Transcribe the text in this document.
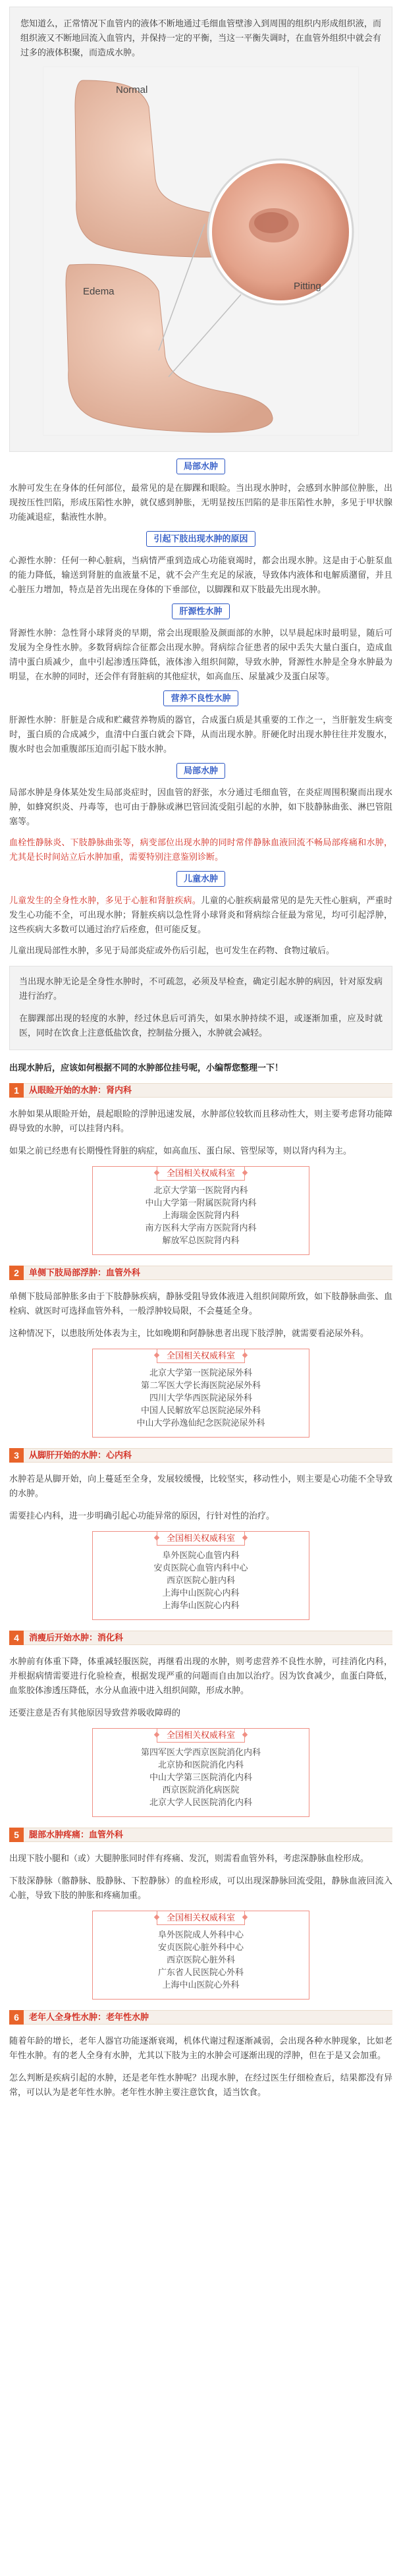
您知道么，正常情况下血管内的液体不断地通过毛细血管壁渗入到周围的组织内形成组织液，而组织液又不断地回流入血管内，并保持一定的平衡，当这一平衡失调时，在血管外组织中就会有过多的液体积聚，而造成水肿。

Normal
Edema	Pitting
局部水肿

水肿可发生在身体的任何部位，最常见的是在脚踝和眼睑。当出现水肿时，会感到水肿部位肿胀，出现按压性凹陷，形成压陷性水肿，就仅感到肿胀，无明显按压凹陷的是非压陷性水肿，多见于甲状腺功能减退症，黏液性水肿。

引起下肢出现水肿的原因

心源性水肿：任何一种心脏病，当病情严重到造成心功能衰竭时，都会出现水肿。这是由于心脏泵血的能力降低，输送到肾脏的血液量不足，就不会产生充足的尿液，导致体内液体和电解质潴留，并且心脏压力增加，特点是首先出现在身体的下垂部位，以脚踝和双下肢最先出现水肿。

肝源性水肿

肾源性水肿：急性肾小球肾炎的早期，常会出现眼脸及颜面部的水肿，以早晨起床时最明显，随后可发展为全身性水肿。多数肾病综合征都会出现水肿。肾病综合征患者的尿中丢失大量白蛋白，造成血清中蛋白质减少，血中引起渗透压降低，液体渗入组织间隙，导致水肿，肾源性水肿是全身水肿最为明显，在水肿的同时，还会伴有肾脏病的其他症状，如高血压、尿量减少及蛋白尿等。

营养不良性水肿

肝源性水肿：肝脏是合成和贮藏营养物质的器官，合成蛋白质是其重要的工作之一，当肝脏发生病变时，蛋白质的合成减少，血清中白蛋白就会下降，从而出现水肿。肝硬化时出现水肿往往并发腹水，腹水时也会加重腹部压迫而引起下肢水肿。

局部水肿

局部水肿是身体某处发生局部炎症时，因血管的舒张，水分通过毛细血管，在炎症周围积聚而出现水肿，如蜂窝织炎、丹毒等，也可由于静脉或淋巴管回流受阻引起的水肿，如下肢静脉曲张、淋巴管阻塞等。

血栓性静脉炎、下肢静脉曲张等，病变部位出现水肿的同时常伴静脉血液回流不畅局部疼痛和水肿，尤其是长时间站立后水肿加重，需要特别注意鉴别诊断。

儿童水肿

儿童发生的全身性水肿，多见于心脏和肾脏疾病。儿童的心脏疾病最常见的是先天性心脏病，严重时发生心功能不全，可出现水肿；肾脏疾病以急性肾小球肾炎和肾病综合征最为常见，均可引起浮肿，这些疾病大多数可以通过治疗后痊愈，但可能反复。

儿童出现局部性水肿，多见于局部炎症或外伤后引起，也可发生在药物、食物过敏后。

当出现水肿无论是全身性水肿时，不可疏忽，必须及早检查，确定引起水肿的病因，针对原发病进行治疗。

在脚踝部出现的轻度的水肿，经过休息后可消失，如果水肿持续不退，或逐渐加重，应及时就医，同时在饮食上注意低盐饮食，控制盐分摄入，水肿就会减轻。

出现水肿后，应该如何根据不同的水肿部位挂号呢，小编帮您整理一下！
1	从眼睑开始的水肿：肾内科

水肿如果从眼睑开始，晨起眼睑的浮肿迅速发展，水肿部位较软而且移动性大，则主要考虑肾功能障碍导致的水肿，可以挂肾内科。

如果之前已经患有长期慢性肾脏的病症，如高血压、蛋白尿、管型尿等，则以肾内科为主。

全国相关权威科室
北京大学第一医院肾内科
中山大学第一附属医院肾内科
上海瑞金医院肾内科
南方医科大学南方医院肾内科
解放军总医院肾内科
2	单侧下肢局部浮肿：血管外科

单侧下肢局部肿胀多由于下肢静脉疾病，静脉受阻导致体液进入组织间隙所致，如下肢静脉曲张、血栓病、就医时可选择血管外科，一般浮肿较局限，不会蔓延全身。

这种情况下，以患肢所处体表为主，比如晚期和阿静脉患者出现下肢浮肿，就需要看泌尿外科。

全国相关权威科室
北京大学第一医院泌尿外科
第二军医大学长海医院泌尿外科
四川大学华西医院泌尿外科
中国人民解放军总医院泌尿外科
中山大学孙逸仙纪念医院泌尿外科
3	从脚肝开始的水肿：心内科

水肿若是从脚开始，向上蔓延至全身，发展较缓慢，比较坚实，移动性小，则主要是心功能不全导致的水肿。

需要挂心内科，进一步明确引起心功能异常的原因，行针对性的治疗。

全国相关权威科室
阜外医院心血管内科
安贞医院心血管内科中心
西京医院心脏内科
上海中山医院心内科
上海华山医院心内科
4	消瘦后开始水肿：消化科

水肿前有体重下降，体重减轻服医院，再继看出现的水肿，则考虑营养不良性水肿，可挂消化内科，并根据病情需要进行化验检查，根据发现严重的问题而自由加以治疗。因为饮食减少，血蛋白降低，血浆胶体渗透压降低，水分从血液中进入组织间隙，形成水肿。

还要注意是否有其他原因导致营养吸收障碍的

全国相关权威科室
第四军医大学西京医院消化内科
北京协和医院消化内科
中山大学第三医院消化内科
西京医院消化病医院
北京大学人民医院消化内科
5	腿部水肿疼痛：血管外科

出现下肢小腿和（或）大腿肿胀同时伴有疼痛、发沉，则需看血管外科，考虑深静脉血栓形成。

下肢深静脉（髂静脉、股静脉、下腔静脉）的血栓形成，可以出现深静脉回流受阻，静脉血液回流入心脏，导致下肢的肿胀和疼痛加重。

全国相关权威科室
阜外医院成人外科中心
安贞医院心脏外科中心
西京医院心脏外科
广东省人民医院心外科
上海中山医院心外科
6	老年人全身性水肿：老年性水肿

随着年龄的增长，老年人器官功能逐渐衰竭，机体代谢过程逐渐减弱，会出现各种水肿现象，比如老年性水肿。有的老人全身有水肿，尤其以下肢为主的水肿会可逐渐出现的浮肿，但在于是又会加重。

怎么判断是疾病引起的水肿，还是老年性水肿呢？出现水肿，在经过医生仔细检查后，结果都没有异常，可以认为是老年性水肿。老年性水肿主要注意饮食，适当饮食。
